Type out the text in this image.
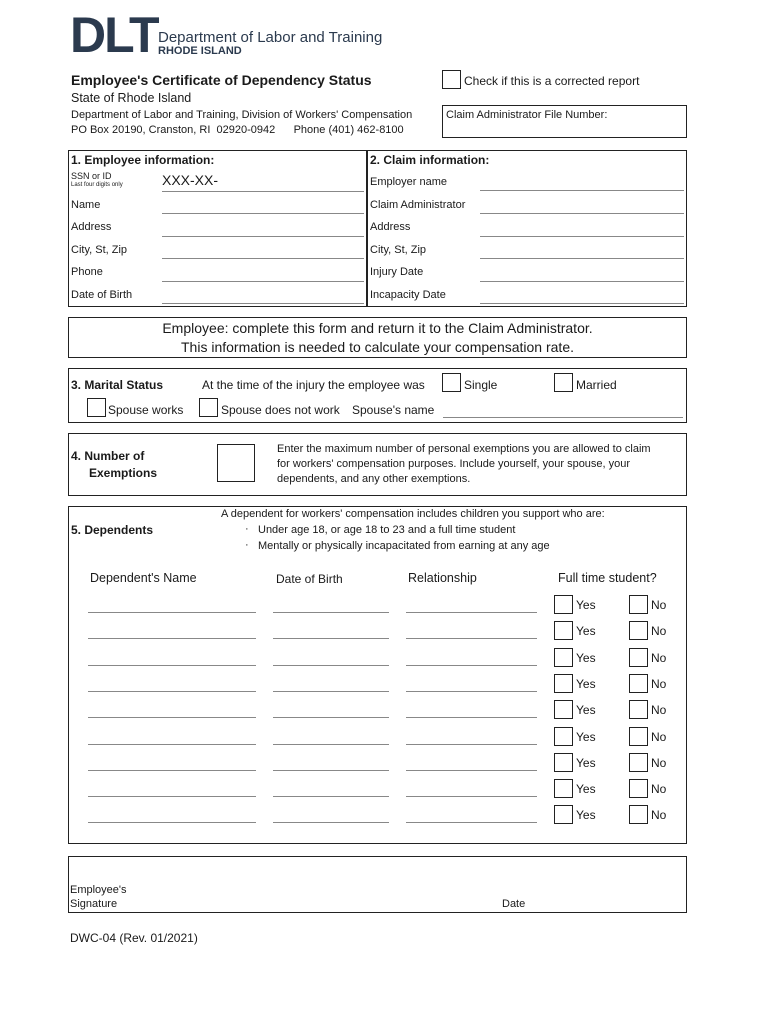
DLT Department of Labor and Training
RHODE ISLAND
Employee's Certificate of Dependency Status
State of Rhode Island
Department of Labor and Training, Division of Workers' Compensation
PO Box 20190, Cranston, RI  02920-0942      Phone (401) 462-8100
Check if this is a corrected report
Claim Administrator File Number:
1. Employee information:
SSN or ID
Last four digits only	XXX-XX-
Name
Address
City, St, Zip
Phone
Date of Birth
2. Claim information:
Employer name
Claim Administrator
Address
City, St, Zip
Injury Date
Incapacity Date
Employee: complete this form and return it to the Claim Administrator.
This information is needed to calculate your compensation rate.
3. Marital Status	At the time of the injury the employee was	Single	Married
Spouse works	Spouse does not work Spouse's name
4. Number of
Exemptions
Enter the maximum number of personal exemptions you are allowed to claim
for workers' compensation purposes. Include yourself, your spouse, your
dependents, and any other exemptions.
5. Dependents
A dependent for workers' compensation includes children you support who are:
· Under age 18, or age 18 to 23 and a full time student
· Mentally or physically incapacitated from earning at any age
Dependent's Name	Date of Birth	Relationship	Full time student?
Yes	No
Yes	No
Yes	No
Yes	No
Yes	No
Yes	No
Yes	No
Yes	No
Yes	No
Employee's
Signature	Date
DWC-04 (Rev. 01/2021)
